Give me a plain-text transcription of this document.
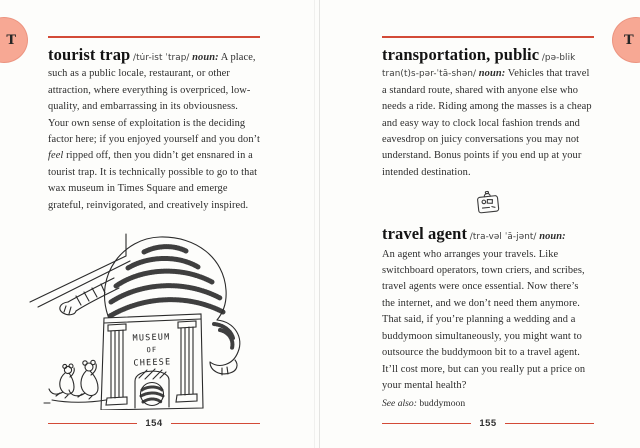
T

tourist trap /tu̇r-ist ˈtrap/ noun: A place, such as a public locale, restaurant, or other attraction, where everything is overpriced, low-quality, and embarrassing in its obviousness. Your own sense of exploitation is the deciding factor here; if you enjoyed yourself and you don’t feel ripped off, then you didn’t get ensnared in a tourist trap. It is technically possible to go to that wax museum in Times Square and emerge grateful, reinvigorated, and creatively inspired.

MUSEUM
OF
CHEESE
154
T

transportation, public /pə-blik tran(t)s-pər-ˈtā-shən/ noun: Vehicles that travel a standard route, shared with anyone else who needs a ride. Riding among the masses is a cheap and easy way to clock local fashion trends and eavesdrop on juicy conversations you may not understand. Bonus points if you end up at your intended destination.

travel agent /tra-vəl ˈā-jənt/ noun:

An agent who arranges your travels. Like switchboard operators, town criers, and scribes, travel agents were once essential. Now there’s the internet, and we don’t need them anymore. That said, if you’re planning a wedding and a buddymoon simultaneously, you might want to outsource the buddymoon bit to a travel agent. It’ll cost more, but can you really put a price on your mental health?

See also: buddymoon

155
